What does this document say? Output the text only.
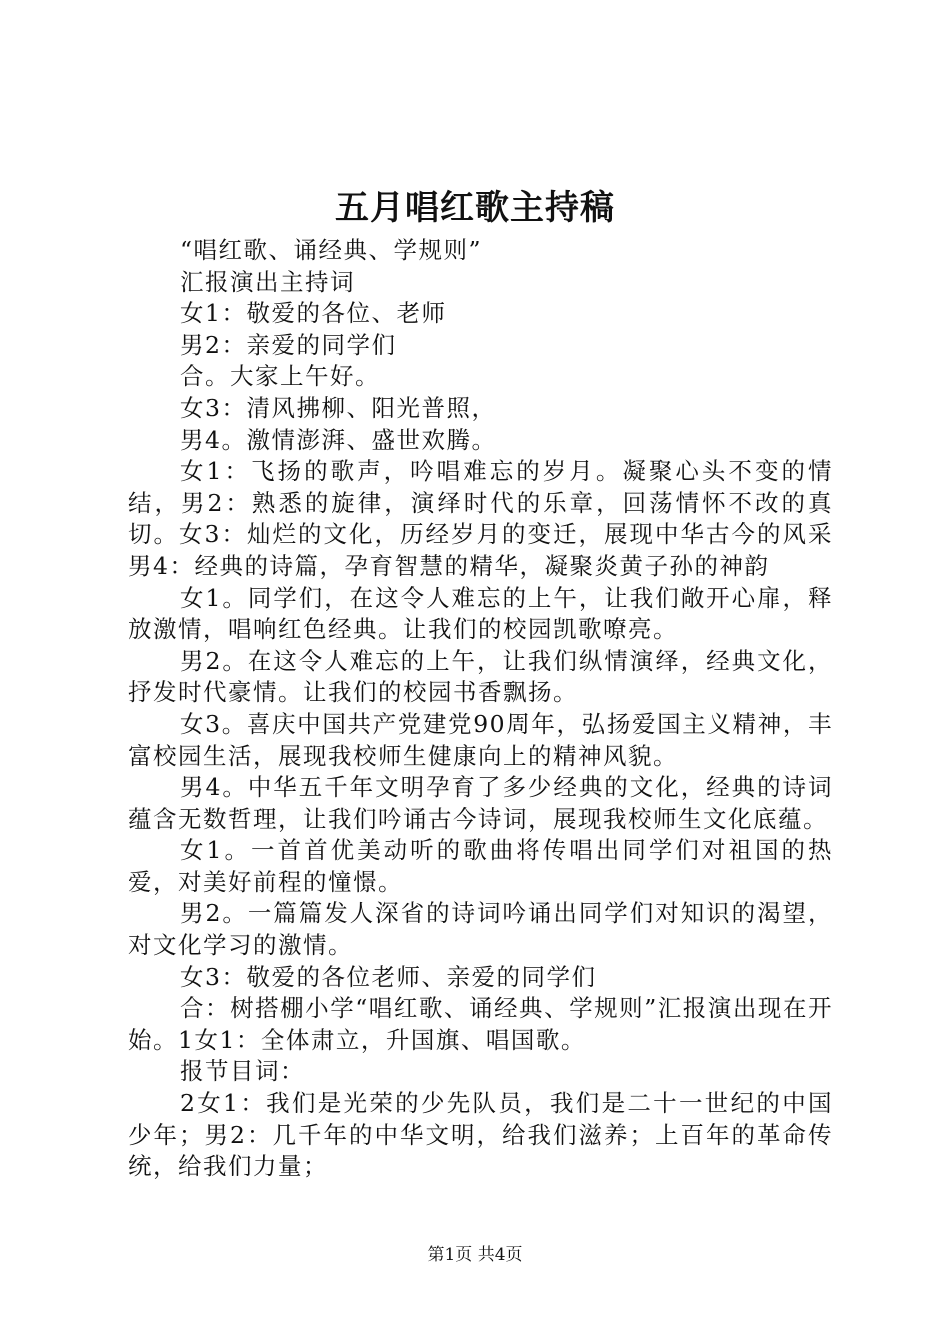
五月唱红歌主持稿

“唱红歌、诵经典、学规则”

汇报演出主持词

女1：敬爱的各位、老师

男2：亲爱的同学们

合。大家上午好。

女3：清风拂柳、阳光普照，

男4。激情澎湃、盛世欢腾。

女1：飞扬的歌声，吟唱难忘的岁月。凝聚心头不变的情结，男2：熟悉的旋律，演绎时代的乐章，回荡情怀不改的真切。女3：灿烂的文化，历经岁月的变迁，展现中华古今的风采男4：经典的诗篇，孕育智慧的精华，凝聚炎黄子孙的神韵

女1。同学们，在这令人难忘的上午，让我们敞开心扉，释放激情，唱响红色经典。让我们的校园凯歌嘹亮。

男2。在这令人难忘的上午，让我们纵情演绎，经典文化，抒发时代豪情。让我们的校园书香飘扬。

女3。喜庆中国共产党建党90周年，弘扬爱国主义精神，丰富校园生活，展现我校师生健康向上的精神风貌。

男4。中华五千年文明孕育了多少经典的文化，经典的诗词蕴含无数哲理，让我们吟诵古今诗词，展现我校师生文化底蕴。

女1。一首首优美动听的歌曲将传唱出同学们对祖国的热爱，对美好前程的憧憬。

男2。一篇篇发人深省的诗词吟诵出同学们对知识的渴望，对文化学习的激情。

女3：敬爱的各位老师、亲爱的同学们

合：树搭棚小学“唱红歌、诵经典、学规则”汇报演出现在开始。1女1：全体肃立，升国旗、唱国歌。

报节目词：

2女1：我们是光荣的少先队员，我们是二十一世纪的中国少年；男2：几千年的中华文明，给我们滋养；上百年的革命传统，给我们力量；

第1页 共4页
